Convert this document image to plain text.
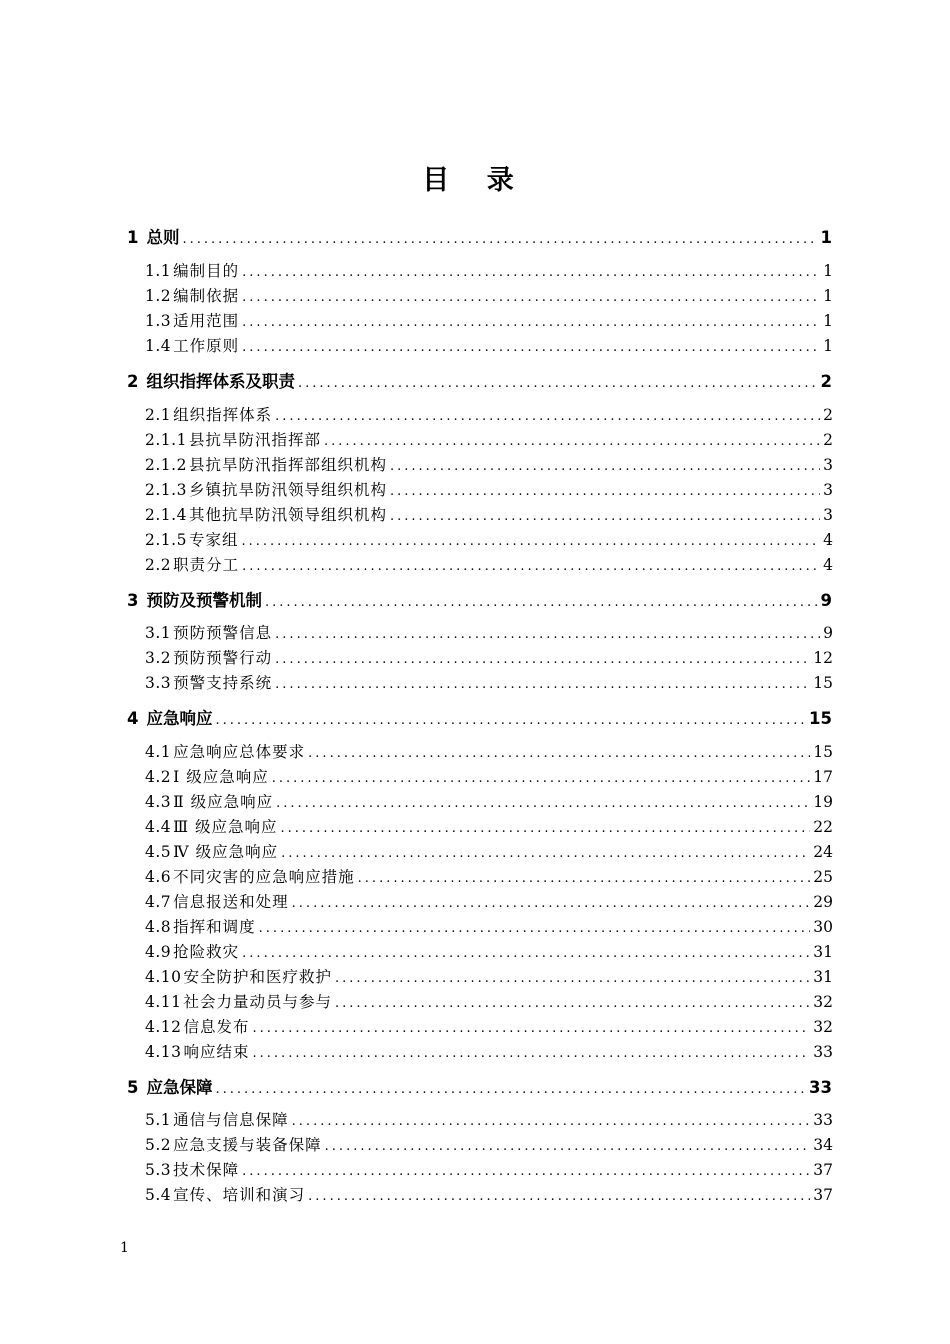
目 录
1 总则 .....	1
1.1 编制目的 .....	1
1.2 编制依据 .....	1
1.3 适用范围 .....	1
1.4 工作原则 .....	1
2 组织指挥体系及职责 .....	2
2.1 组织指挥体系 .....	2
2.1.1 县抗旱防汛指挥部 .....	2
2.1.2 县抗旱防汛指挥部组织机构 .....	3
2.1.3 乡镇抗旱防汛领导组织机构 .....	3
2.1.4 其他抗旱防汛领导组织机构 .....	3
2.1.5 专家组 .....	4
2.2 职责分工 .....	4
3 预防及预警机制 .....	9
3.1 预防预警信息 .....	9
3.2 预防预警行动 .....	12
3.3 预警支持系统 .....	15
4 应急响应 .....	15
4.1 应急响应总体要求 .....	15
4.2 Ⅰ 级应急响应 .....	17
4.3 Ⅱ 级应急响应 .....	19
4.4 Ⅲ 级应急响应 .....	22
4.5 Ⅳ 级应急响应 .....	24
4.6 不同灾害的应急响应措施 .....	25
4.7 信息报送和处理 .....	29
4.8 指挥和调度 .....	30
4.9 抢险救灾 .....	31
4.10 安全防护和医疗救护 .....	31
4.11 社会力量动员与参与 .....	32
4.12 信息发布 .....	32
4.13 响应结束 .....	33
5 应急保障 .....	33
5.1 通信与信息保障 .....	33
5.2 应急支援与装备保障 .....	34
5.3 技术保障 .....	37
5.4 宣传、培训和演习 .....	37
1
